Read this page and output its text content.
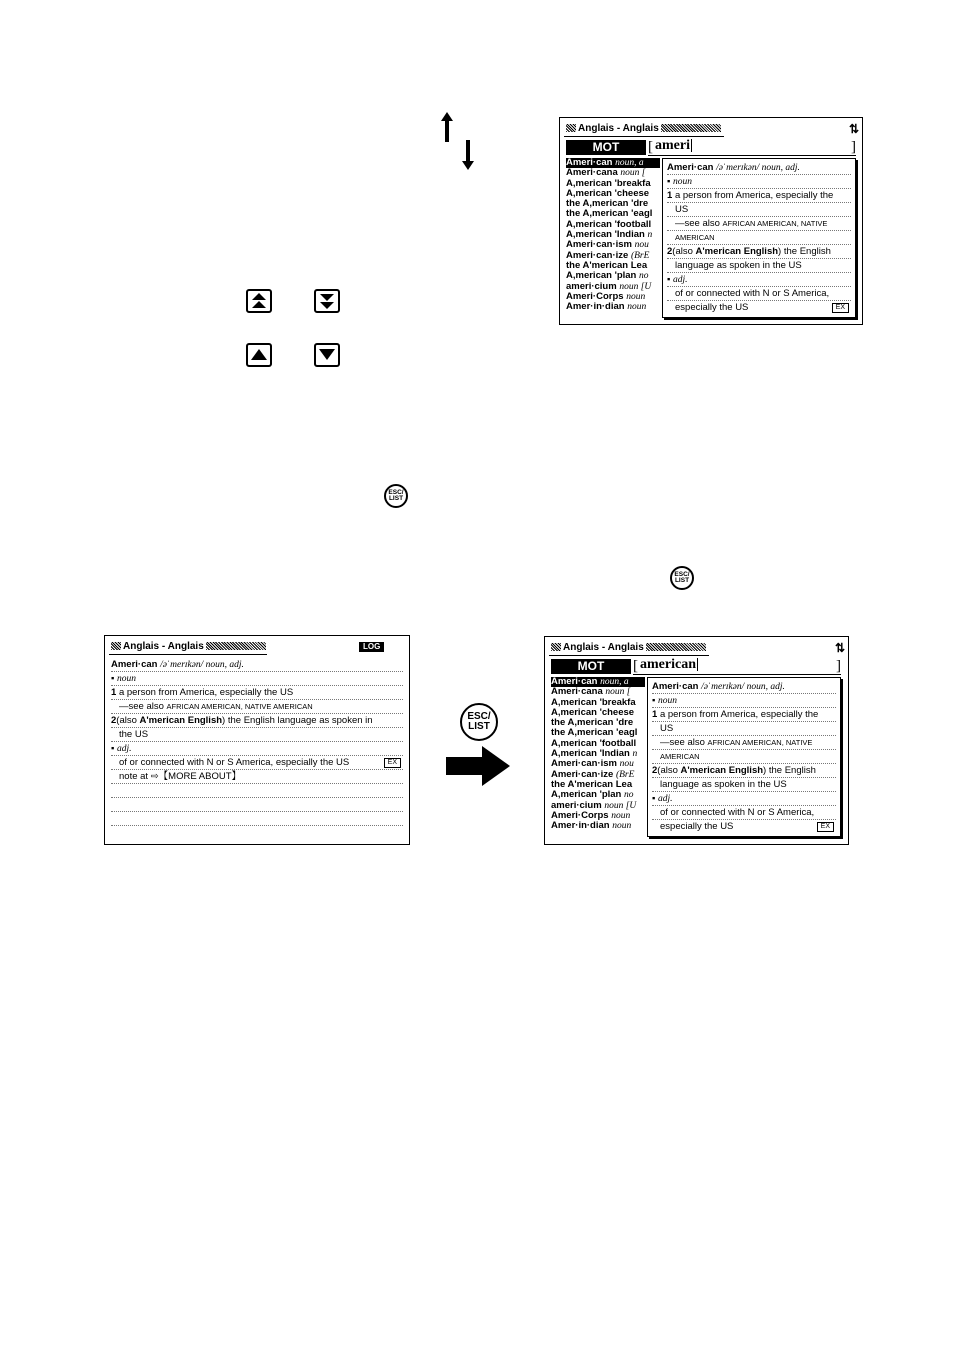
ESC/
LIST
ESC/
LIST
Anglais - Anglais	⇅
MOT	[ ameri	]
Ameri·can noun, a
Ameri·cana noun [
A,merican 'breakfa
A,merican 'cheese
the A,merican 'dre
the A,merican 'eagl
A,merican 'football
A,merican 'Indian n
Ameri·can·ism nou
Ameri·can·ize (BrE
the A'merican Lea
A,merican 'plan no
ameri·cium noun [U
Ameri·Corps noun
Amer·in·dian noun
Ameri·can /əˈmerɪkən/ noun, adj.
▪ noun
1 a person from America, especially the
US
—see also AFRICAN AMERICAN, NATIVE
AMERICAN
2(also A'merican English) the English
language as spoken in the US
▪ adj.
of or connected with N or S America,
especially the US	EX
Anglais - Anglais	LOG
Ameri·can /əˈmerɪkən/ noun, adj.
▪ noun
1 a person from America, especially the US
—see also AFRICAN AMERICAN, NATIVE AMERICAN
2(also A'merican English) the English language as spoken in
the US
▪ adj.
of or connected with N or S America, especially the US	EX
note at ⇨【MORE ABOUT】
ESC/
LIST
Anglais - Anglais	⇅
MOT	[ american	]
Ameri·can noun, a
Ameri·cana noun [
A,merican 'breakfa
A,merican 'cheese
the A,merican 'dre
the A,merican 'eagl
A,merican 'football
A,merican 'Indian n
Ameri·can·ism nou
Ameri·can·ize (BrE
the A'merican Lea
A,merican 'plan no
ameri·cium noun [U
Ameri·Corps noun
Amer·in·dian noun
Ameri·can /əˈmerɪkən/ noun, adj.
▪ noun
1 a person from America, especially the
US
—see also AFRICAN AMERICAN, NATIVE
AMERICAN
2(also A'merican English) the English
language as spoken in the US
▪ adj.
of or connected with N or S America,
especially the US	EX
